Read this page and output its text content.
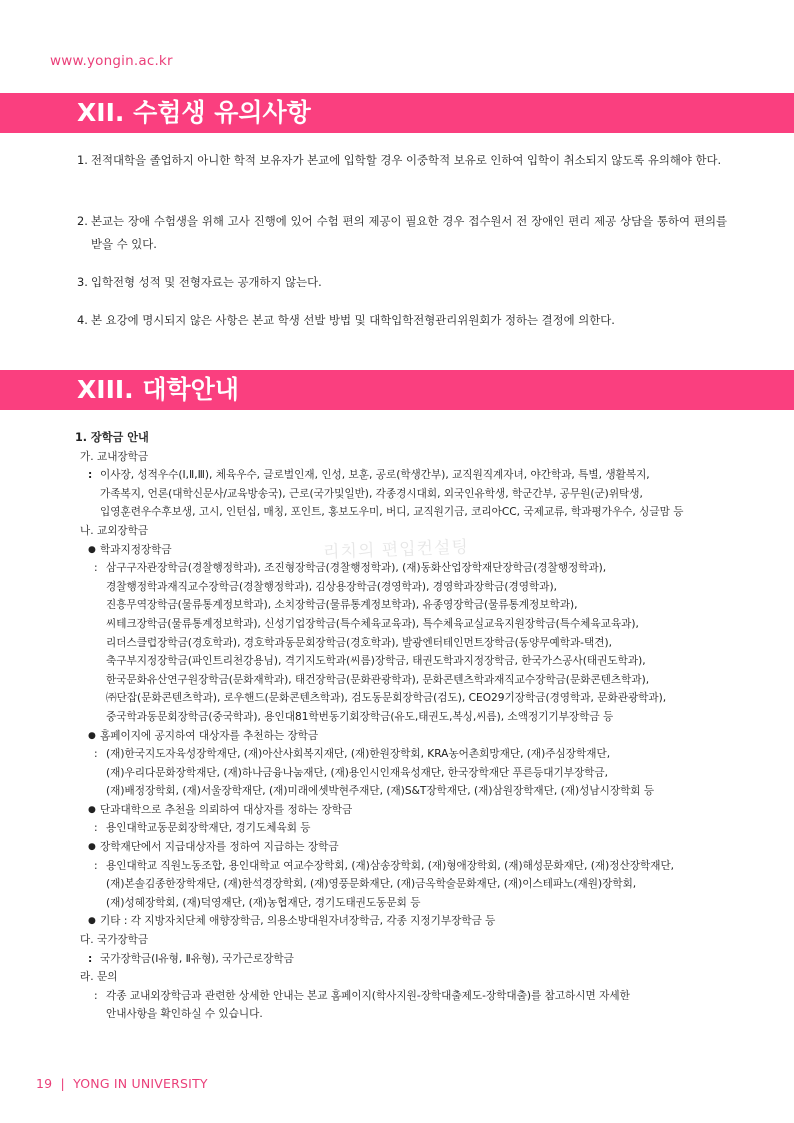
www.yongin.ac.kr
XII. 수험생 유의사항
1. 전적대학을 졸업하지 아니한 학적 보유자가 본교에 입학할 경우 이중학적 보유로 인하여 입학이 취소되지 않도록 유의해야 한다.
2. 본교는 장애 수험생을 위해 고사 진행에 있어 수험 편의 제공이 필요한 경우 접수원서 전 장애인 편리 제공 상담을 통하여 편의를 받을 수 있다.
3. 입학전형 성적 및 전형자료는 공개하지 않는다.
4. 본 요강에 명시되지 않은 사항은 본교 학생 선발 방법 및 대학입학전형관리위원회가 정하는 결정에 의한다.
XIII. 대학안내
리치의 편입컨설팅
1. 장학금 안내
가. 교내장학금
: 이사장, 성적우수(Ⅰ,Ⅱ,Ⅲ), 체육우수, 글로벌인재, 인성, 보훈, 공로(학생간부), 교직원직계자녀, 야간학과, 특별, 생활복지,
가족복지, 언론(대학신문사/교육방송국), 근로(국가및일반), 각종경시대회, 외국인유학생, 학군간부, 공무원(군)위탁생,
입영훈련우수후보생, 고시, 인턴십, 매칭, 포인트, 홍보도우미, 버디, 교직원기금, 코리아CC, 국제교류, 학과평가우수, 싱글맘 등
나. 교외장학금
● 학과지정장학금
: 삼구구자관장학금(경찰행정학과), 조진형장학금(경찰행정학과), (재)동화산업장학재단장학금(경찰행정학과),
경찰행정학과재직교수장학금(경찰행정학과), 김상용장학금(경영학과), 경영학과장학금(경영학과),
진흥무역장학금(물류통계정보학과), 소치장학금(물류통계정보학과), 유종영장학금(물류통계정보학과),
씨테크장학금(물류통계정보학과), 신성기업장학금(특수체육교육과), 특수체육교실교육지원장학금(특수체육교육과),
리더스클럽장학금(경호학과), 경호학과동문회장학금(경호학과), 발광엔터테인먼트장학금(동양무예학과-택견),
축구부지정장학금(파인트리천강용님), 격기지도학과(씨름)장학금, 태권도학과지정장학금, 한국가스공사(태권도학과),
한국문화유산연구원장학금(문화재학과), 태건장학금(문화관광학과), 문화콘텐츠학과재직교수장학금(문화콘텐츠학과),
㈜단잡(문화콘텐츠학과), 로우핸드(문화콘텐츠학과), 검도동문회장학금(검도), CEO29기장학금(경영학과, 문화관광학과),
중국학과동문회장학금(중국학과), 용인대81학번동기회장학금(유도,태권도,복싱,씨름), 소액정기기부장학금 등
● 홈페이지에 공지하여 대상자를 추천하는 장학금
: (재)한국지도자육성장학재단, (재)아산사회복지재단, (재)한원장학회, KRA농어촌희망재단, (재)주심장학재단,
(재)우리다문화장학재단, (재)하나금융나눔재단, (재)용인시인재육성재단, 한국장학재단 푸른등대기부장학금,
(재)배정장학회, (재)서울장학재단, (재)미래에셋박현주재단, (재)S&T장학재단, (재)삼원장학재단, (재)성남시장학회 등
● 단과대학으로 추천을 의뢰하여 대상자를 정하는 장학금
: 용인대학교동문회장학재단, 경기도체육회 등
● 장학재단에서 지급대상자를 정하여 지급하는 장학금
: 용인대학교 직원노동조합, 용인대학교 여교수장학회, (재)삼송장학회, (재)형애장학회, (재)해성문화재단, (재)정산장학재단,
(재)본솔김종한장학재단, (재)한석경장학회, (재)영풍문화재단, (재)금옥학술문화재단, (재)이스테파노(재원)장학회,
(재)성혜장학회, (재)덕영재단, (재)농협재단, 경기도태권도동문회 등
● 기타 : 각 지방자치단체 애향장학금, 의용소방대원자녀장학금, 각종 지정기부장학금 등
다. 국가장학금
: 국가장학금(Ⅰ유형, Ⅱ유형), 국가근로장학금
라. 문의
: 각종 교내외장학금과 관련한 상세한 안내는 본교 홈페이지(학사지원-장학대출제도-장학대출)를 참고하시면 자세한
안내사항을 확인하실 수 있습니다.
19 | YONG IN UNIVERSITY
